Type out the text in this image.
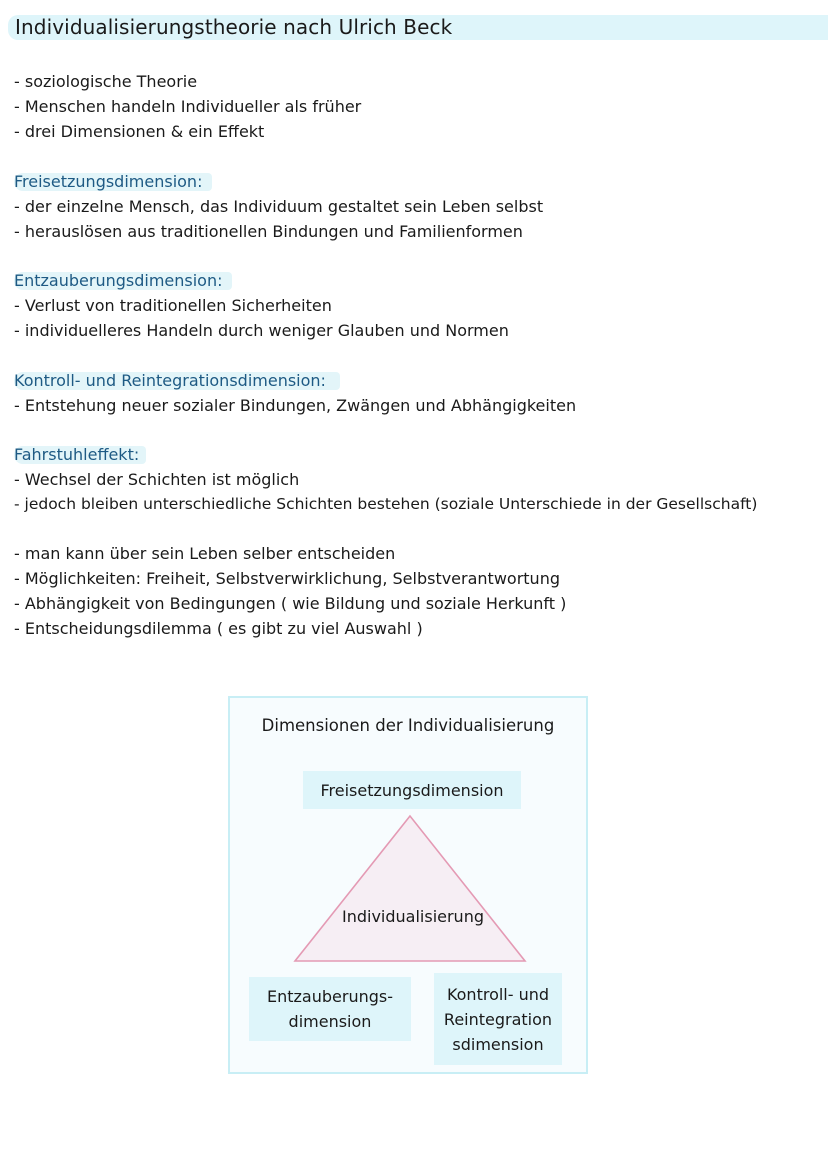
Individualisierungstheorie nach Ulrich Beck
- soziologische Theorie
- Menschen handeln Individueller als früher
- drei Dimensionen & ein Effekt
Freisetzungsdimension:
- der einzelne Mensch, das Individuum gestaltet sein Leben selbst
- herauslösen aus traditionellen Bindungen und Familienformen
Entzauberungsdimension:
- Verlust von traditionellen Sicherheiten
- individuelleres Handeln durch weniger Glauben und Normen
Kontroll- und Reintegrationsdimension:
- Entstehung neuer sozialer Bindungen, Zwängen und Abhängigkeiten
Fahrstuhleffekt:
- Wechsel der Schichten ist möglich
- jedoch bleiben unterschiedliche Schichten bestehen (soziale Unterschiede in der Gesellschaft)
- man kann über sein Leben selber entscheiden
- Möglichkeiten: Freiheit, Selbstverwirklichung, Selbstverantwortung
- Abhängigkeit von Bedingungen ( wie Bildung und soziale Herkunft )
- Entscheidungsdilemma ( es gibt zu viel Auswahl )
Dimensionen der Individualisierung
Freisetzungsdimension
Individualisierung
Entzauberungs-
dimension
Kontroll- und
Reintegration
sdimension
